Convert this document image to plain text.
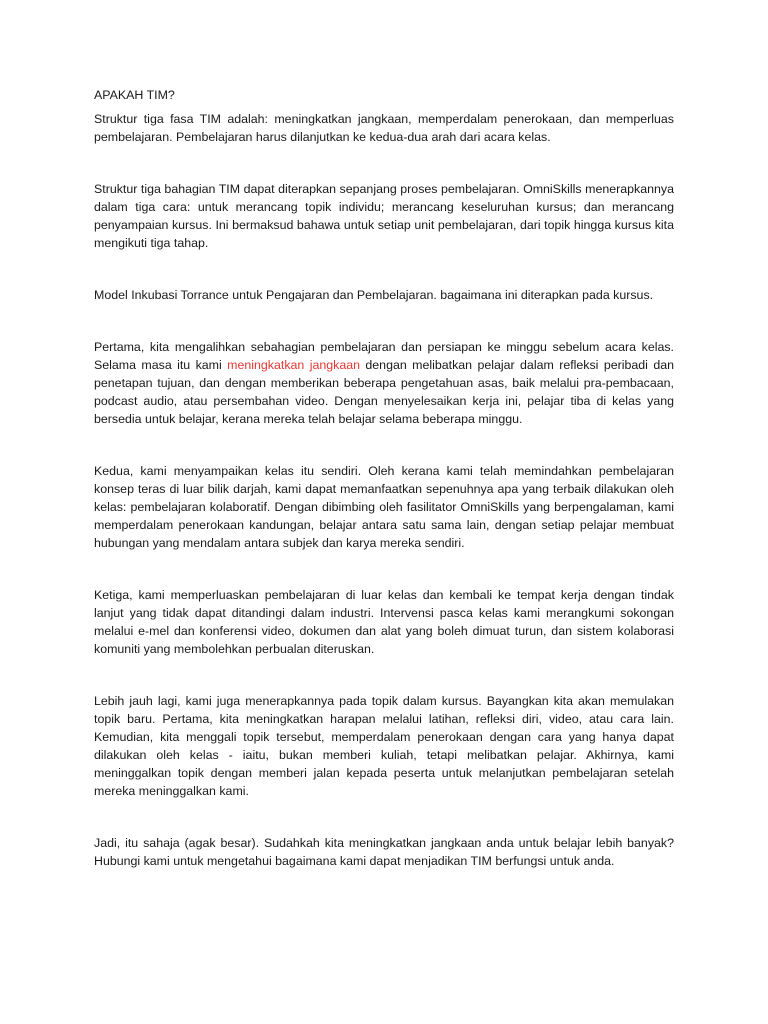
APAKAH TIM?

Struktur tiga fasa TIM adalah: meningkatkan jangkaan, memperdalam penerokaan, dan memperluas pembelajaran. Pembelajaran harus dilanjutkan ke kedua-dua arah dari acara kelas.

Struktur tiga bahagian TIM dapat diterapkan sepanjang proses pembelajaran. OmniSkills menerapkannya dalam tiga cara: untuk merancang topik individu; merancang keseluruhan kursus; dan merancang penyampaian kursus. Ini bermaksud bahawa untuk setiap unit pembelajaran, dari topik hingga kursus kita mengikuti tiga tahap.

Model Inkubasi Torrance untuk Pengajaran dan Pembelajaran. bagaimana ini diterapkan pada kursus.

Pertama, kita mengalihkan sebahagian pembelajaran dan persiapan ke minggu sebelum acara kelas. Selama masa itu kami meningkatkan jangkaan dengan melibatkan pelajar dalam refleksi peribadi dan penetapan tujuan, dan dengan memberikan beberapa pengetahuan asas, baik melalui pra-pembacaan, podcast audio, atau persembahan video. Dengan menyelesaikan kerja ini, pelajar tiba di kelas yang bersedia untuk belajar, kerana mereka telah belajar selama beberapa minggu.

Kedua, kami menyampaikan kelas itu sendiri. Oleh kerana kami telah memindahkan pembelajaran konsep teras di luar bilik darjah, kami dapat memanfaatkan sepenuhnya apa yang terbaik dilakukan oleh kelas: pembelajaran kolaboratif. Dengan dibimbing oleh fasilitator OmniSkills yang berpengalaman, kami memperdalam penerokaan kandungan, belajar antara satu sama lain, dengan setiap pelajar membuat hubungan yang mendalam antara subjek dan karya mereka sendiri.

Ketiga, kami memperluaskan pembelajaran di luar kelas dan kembali ke tempat kerja dengan tindak lanjut yang tidak dapat ditandingi dalam industri. Intervensi pasca kelas kami merangkumi sokongan melalui e-mel dan konferensi video, dokumen dan alat yang boleh dimuat turun, dan sistem kolaborasi komuniti yang membolehkan perbualan diteruskan.

Lebih jauh lagi, kami juga menerapkannya pada topik dalam kursus. Bayangkan kita akan memulakan topik baru. Pertama, kita meningkatkan harapan melalui latihan, refleksi diri, video, atau cara lain. Kemudian, kita menggali topik tersebut, memperdalam penerokaan dengan cara yang hanya dapat dilakukan oleh kelas - iaitu, bukan memberi kuliah, tetapi melibatkan pelajar. Akhirnya, kami meninggalkan topik dengan memberi jalan kepada peserta untuk melanjutkan pembelajaran setelah mereka meninggalkan kami.

Jadi, itu sahaja (agak besar). Sudahkah kita meningkatkan jangkaan anda untuk belajar lebih banyak? Hubungi kami untuk mengetahui bagaimana kami dapat menjadikan TIM berfungsi untuk anda.
